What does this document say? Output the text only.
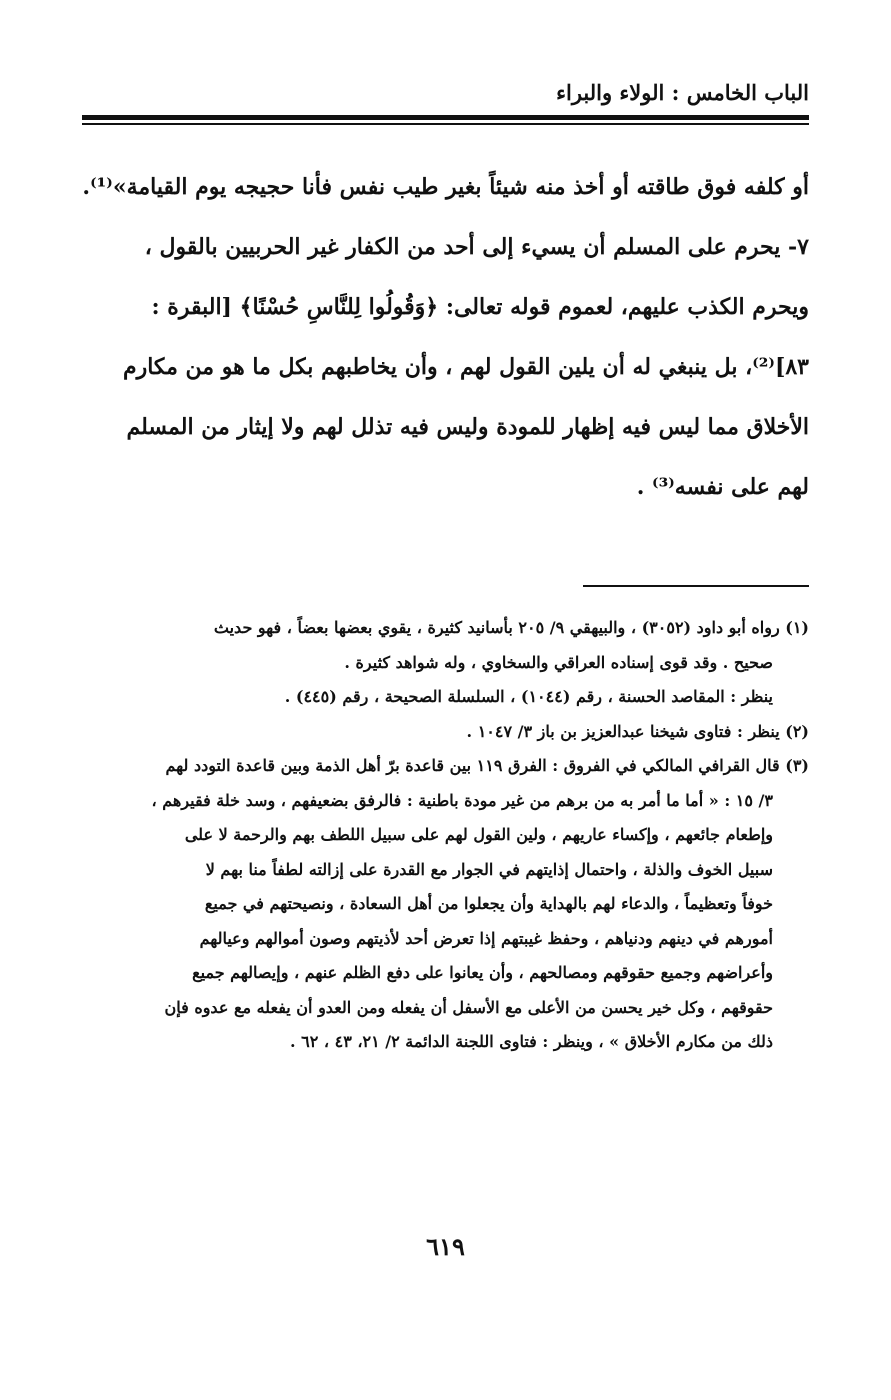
الباب الخامس : الولاء والبراء
أو كلفه فوق طاقته أو أخذ منه شيئاً بغير طيب نفس فأنا حجيجه يوم القيامة»⁽¹⁾.
٧- يحرم على المسلم أن يسيء إلى أحد من الكفار غير الحربيين بالقول ،
ويحرم الكذب عليهم، لعموم قوله تعالى: ﴿وَقُولُوا لِلنَّاسِ حُسْنًا﴾ [البقرة :
٨٣]⁽²⁾، بل ينبغي له أن يلين القول لهم ، وأن يخاطبهم بكل ما هو من مكارم
الأخلاق مما ليس فيه إظهار للمودة وليس فيه تذلل لهم ولا إيثار من المسلم
لهم على نفسه⁽³⁾ .
(١) رواه أبو داود (٣٠٥٢) ، والبيهقي ٩/ ٢٠٥ بأسانيد كثيرة ، يقوي بعضها بعضاً ، فهو حديث
صحيح . وقد قوى إسناده العراقي والسخاوي ، وله شواهد كثيرة .
ينظر : المقاصد الحسنة ، رقم (١٠٤٤) ، السلسلة الصحيحة ، رقم (٤٤٥) .
(٢) ينظر : فتاوى شيخنا عبدالعزيز بن باز ٣/ ١٠٤٧ .
(٣) قال القرافي المالكي في الفروق : الفرق ١١٩ بين قاعدة برّ أهل الذمة وبين قاعدة التودد لهم
٣/ ١٥ : « أما ما أمر به من برهم من غير مودة باطنية : فالرفق بضعيفهم ، وسد خلة فقيرهم ،
وإطعام جائعهم ، وإكساء عاريهم ، ولين القول لهم على سبيل اللطف بهم والرحمة لا على
سبيل الخوف والذلة ، واحتمال إذايتهم في الجوار مع القدرة على إزالته لطفاً منا بهم لا
خوفاً وتعظيماً ، والدعاء لهم بالهداية وأن يجعلوا من أهل السعادة ، ونصيحتهم في جميع
أمورهم في دينهم ودنياهم ، وحفظ غيبتهم إذا تعرض أحد لأذيتهم وصون أموالهم وعيالهم
وأعراضهم وجميع حقوقهم ومصالحهم ، وأن يعانوا على دفع الظلم عنهم ، وإيصالهم جميع
حقوقهم ، وكل خير يحسن من الأعلى مع الأسفل أن يفعله ومن العدو أن يفعله مع عدوه فإن
ذلك من مكارم الأخلاق » ، وينظر : فتاوى اللجنة الدائمة ٢/ ٢١، ٤٣ ، ٦٢ .
٦١٩
